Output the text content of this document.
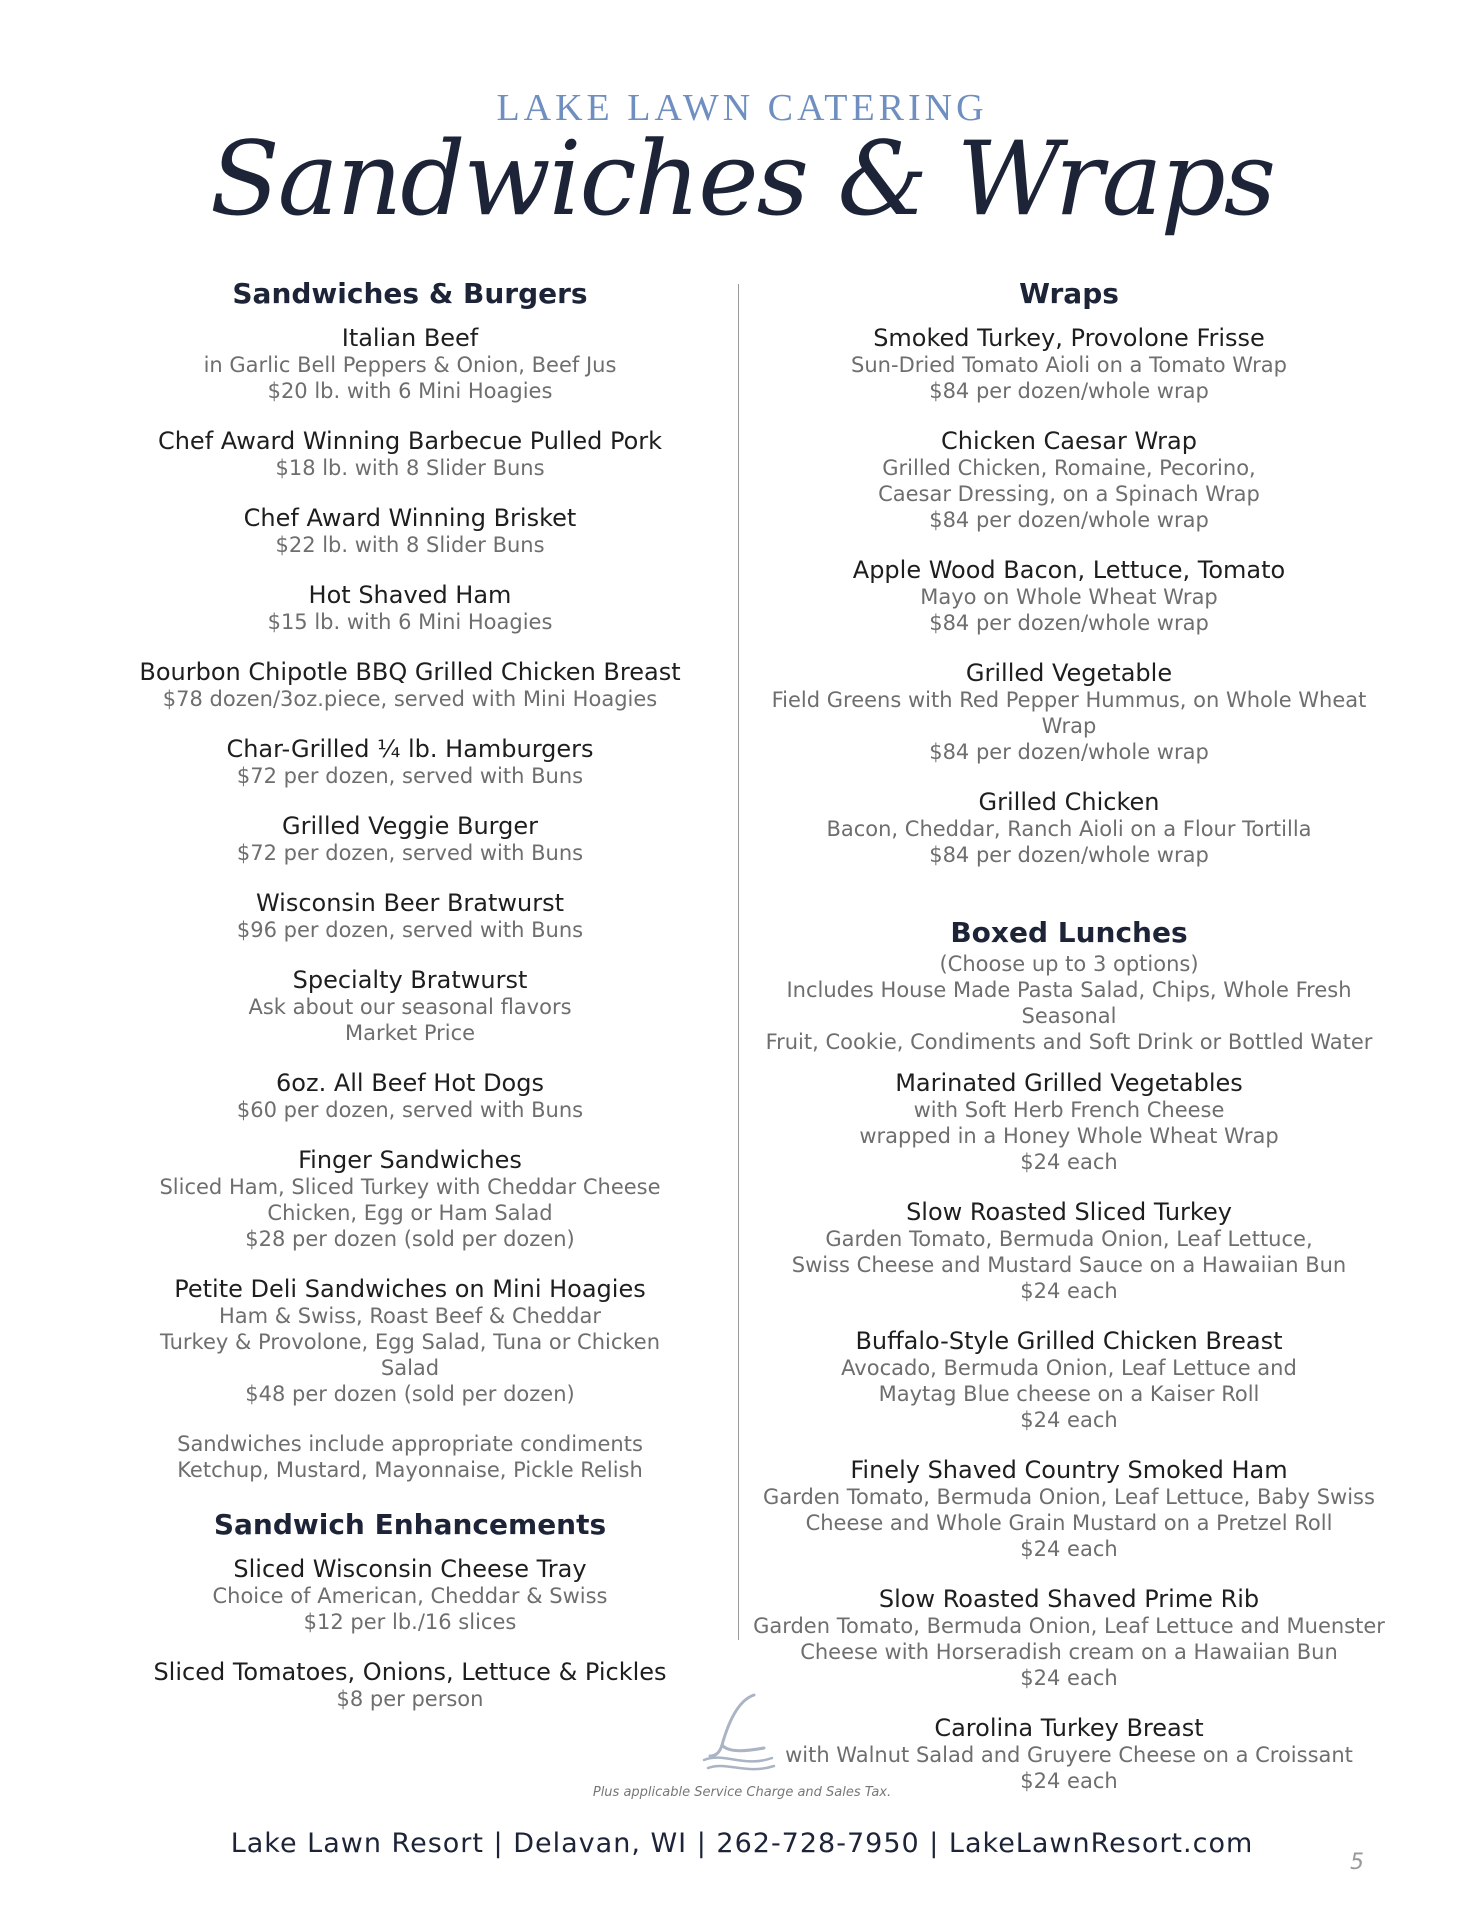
LAKE LAWN CATERING
Sandwiches & Wraps
Sandwiches & Burgers
Italian Beef
in Garlic Bell Peppers & Onion, Beef Jus
$20 lb. with 6 Mini Hoagies
Chef Award Winning Barbecue Pulled Pork
$18 lb. with 8 Slider Buns
Chef Award Winning Brisket
$22 lb. with 8 Slider Buns
Hot Shaved Ham
$15 lb. with 6 Mini Hoagies
Bourbon Chipotle BBQ Grilled Chicken Breast
$78 dozen/3oz.piece, served with Mini Hoagies
Char-Grilled ¼ lb. Hamburgers
$72 per dozen, served with Buns
Grilled Veggie Burger
$72 per dozen, served with Buns
Wisconsin Beer Bratwurst
$96 per dozen, served with Buns
Specialty Bratwurst
Ask about our seasonal flavors
Market Price
6oz. All Beef Hot Dogs
$60 per dozen, served with Buns
Finger Sandwiches
Sliced Ham, Sliced Turkey with Cheddar Cheese
Chicken, Egg or Ham Salad
$28 per dozen (sold per dozen)
Petite Deli Sandwiches on Mini Hoagies
Ham & Swiss, Roast Beef & Cheddar
Turkey & Provolone, Egg Salad, Tuna or Chicken Salad
$48 per dozen (sold per dozen)
Sandwiches include appropriate condiments
Ketchup, Mustard, Mayonnaise, Pickle Relish
Sandwich Enhancements
Sliced Wisconsin Cheese Tray
Choice of American, Cheddar & Swiss
$12 per lb./16 slices
Sliced Tomatoes, Onions, Lettuce & Pickles
$8 per person
Wraps
Smoked Turkey, Provolone Frisse
Sun-Dried Tomato Aioli on a Tomato Wrap
$84 per dozen/whole wrap
Chicken Caesar Wrap
Grilled Chicken, Romaine, Pecorino,
Caesar Dressing, on a Spinach Wrap
$84 per dozen/whole wrap
Apple Wood Bacon, Lettuce, Tomato
Mayo on Whole Wheat Wrap
$84 per dozen/whole wrap
Grilled Vegetable
Field Greens with Red Pepper Hummus, on Whole Wheat Wrap
$84 per dozen/whole wrap
Grilled Chicken
Bacon, Cheddar, Ranch Aioli on a Flour Tortilla
$84 per dozen/whole wrap
Boxed Lunches
(Choose up to 3 options)
Includes House Made Pasta Salad, Chips, Whole Fresh Seasonal
Fruit, Cookie, Condiments and Soft Drink or Bottled Water
Marinated Grilled Vegetables
with Soft Herb French Cheese
wrapped in a Honey Whole Wheat Wrap
$24 each
Slow Roasted Sliced Turkey
Garden Tomato, Bermuda Onion, Leaf Lettuce,
Swiss Cheese and Mustard Sauce on a Hawaiian Bun
$24 each
Buffalo-Style Grilled Chicken Breast
Avocado, Bermuda Onion, Leaf Lettuce and
Maytag Blue cheese on a Kaiser Roll
$24 each
Finely Shaved Country Smoked Ham
Garden Tomato, Bermuda Onion, Leaf Lettuce, Baby Swiss
Cheese and Whole Grain Mustard on a Pretzel Roll
$24 each
Slow Roasted Shaved Prime Rib
Garden Tomato, Bermuda Onion, Leaf Lettuce and Muenster
Cheese with Horseradish cream on a Hawaiian Bun
$24 each
Carolina Turkey Breast
with Walnut Salad and Gruyere Cheese on a Croissant
$24 each
Plus applicable Service Charge and Sales Tax.
Lake Lawn Resort | Delavan, WI | 262-728-7950 | LakeLawnResort.com
5
